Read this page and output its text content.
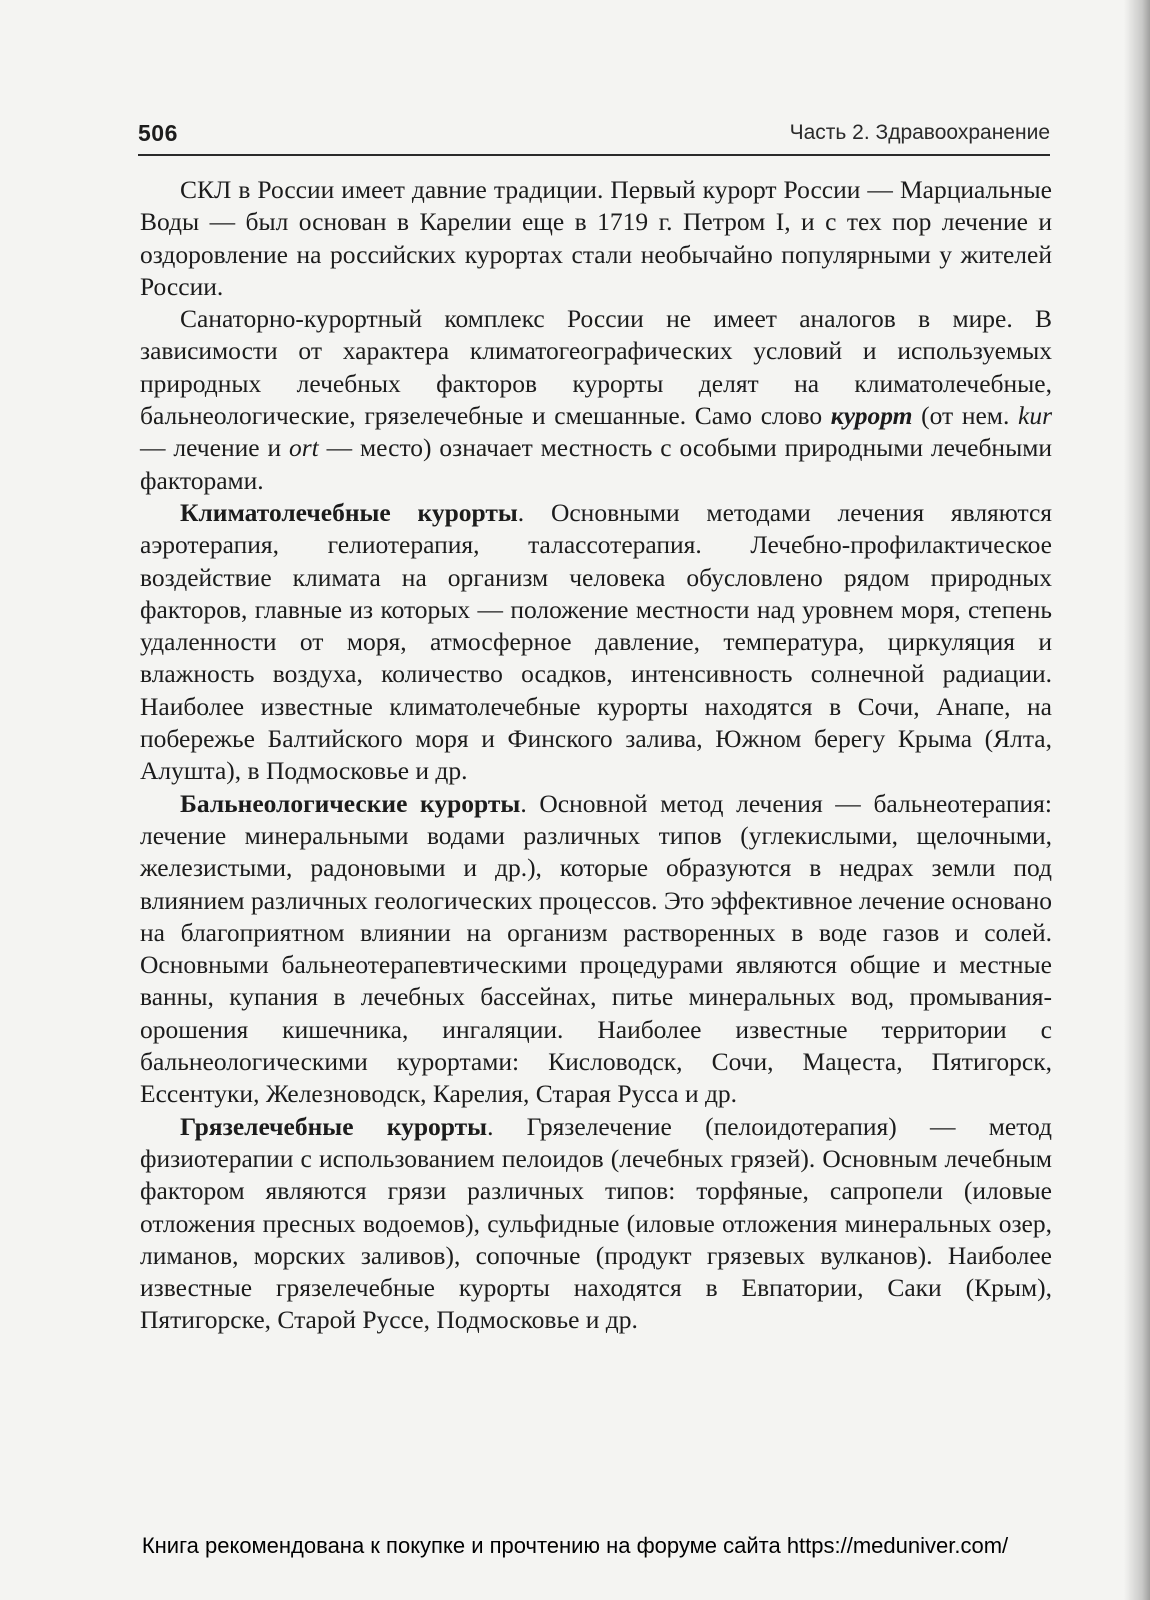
506	Часть 2. Здравоохранение

СКЛ в России имеет давние традиции. Первый курорт России — Марциальные Воды — был основан в Карелии еще в 1719 г. Петром I, и с тех пор лечение и оздоровление на российских курортах стали необычайно популярными у жителей России.

Санаторно-курортный комплекс России не имеет аналогов в мире. В зависимости от характера климатогеографических условий и используемых природных лечебных факторов курорты делят на климатолечебные, бальнеологические, грязелечебные и смешанные. Само слово курорт (от нем. kur — лечение и ort — место) означает местность с особыми природными лечебными факторами.

Климатолечебные курорты. Основными методами лечения являются аэротерапия, гелиотерапия, талассотерапия. Лечебно-профилактическое воздействие климата на организм человека обусловлено рядом природных факторов, главные из которых — положение местности над уровнем моря, степень удаленности от моря, атмосферное давление, температура, циркуляция и влажность воздуха, количество осадков, интенсивность солнечной радиации. Наиболее известные климатолечебные курорты находятся в Сочи, Анапе, на побережье Балтийского моря и Финского залива, Южном берегу Крыма (Ялта, Алушта), в Подмосковье и др.

Бальнеологические курорты. Основной метод лечения — бальнеотерапия: лечение минеральными водами различных типов (углекислыми, щелочными, железистыми, радоновыми и др.), которые образуются в недрах земли под влиянием различных геологических процессов. Это эффективное лечение основано на благоприятном влиянии на организм растворенных в воде газов и солей. Основными бальнеотерапевтическими процедурами являются общие и местные ванны, купания в лечебных бассейнах, питье минеральных вод, промывания-орошения кишечника, ингаляции. Наиболее известные территории с бальнеологическими курортами: Кисловодск, Сочи, Мацеста, Пятигорск, Ессентуки, Железноводск, Карелия, Старая Русса и др.

Грязелечебные курорты. Грязелечение (пелоидотерапия) — метод физиотерапии с использованием пелоидов (лечебных грязей). Основным лечебным фактором являются грязи различных типов: торфяные, сапропели (иловые отложения пресных водоемов), сульфидные (иловые отложения минеральных озер, лиманов, морских заливов), сопочные (продукт грязевых вулканов). Наиболее известные грязелечебные курорты находятся в Евпатории, Саки (Крым), Пятигорске, Старой Руссе, Подмосковье и др.

Книга рекомендована к покупке и прочтению на форуме сайта https://meduniver.com/
